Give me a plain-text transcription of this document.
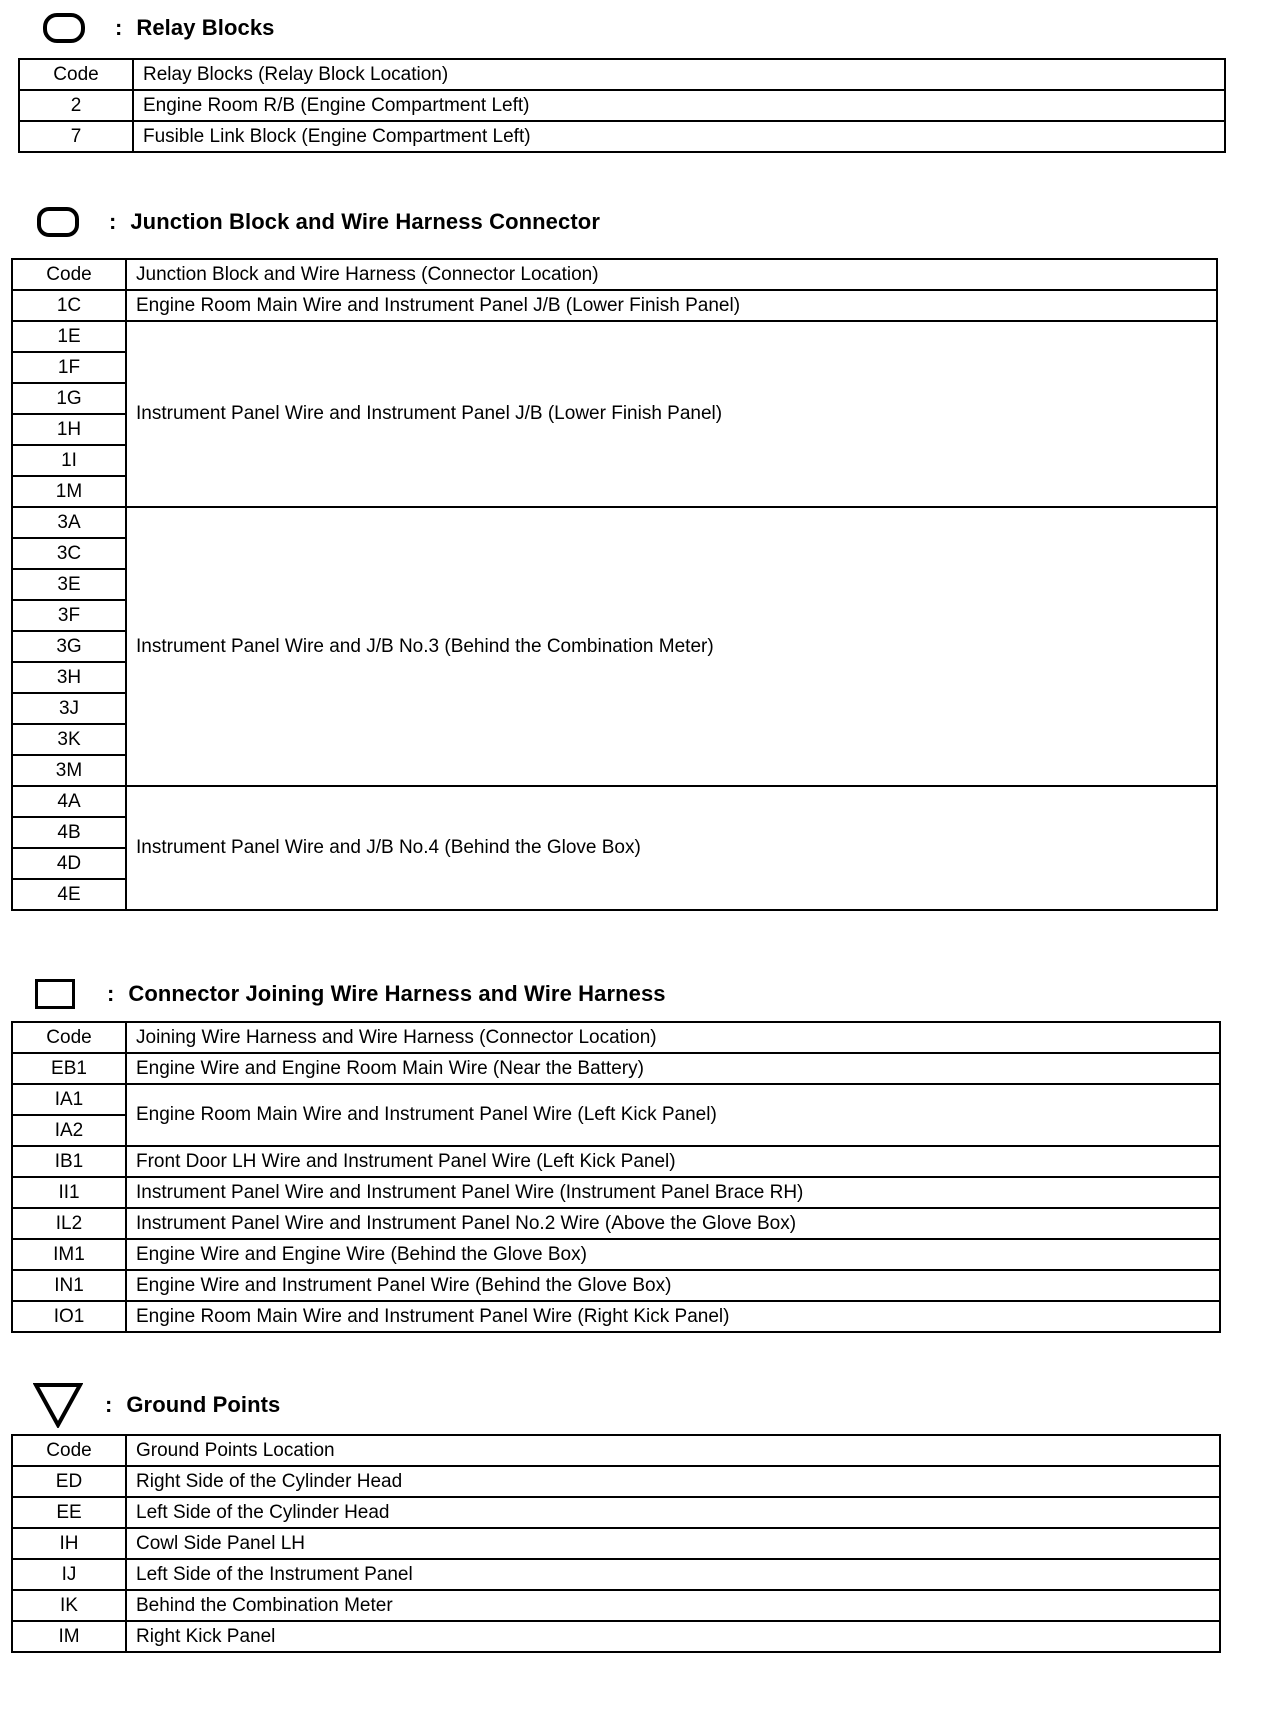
: Relay Blocks
Code	Relay Blocks (Relay Block Location)
2	Engine Room R/B (Engine Compartment Left)
7	Fusible Link Block (Engine Compartment Left)
: Junction Block and Wire Harness Connector
Code	Junction Block and Wire Harness (Connector Location)
1C	Engine Room Main Wire and Instrument Panel J/B (Lower Finish Panel)
1E	Instrument Panel Wire and Instrument Panel J/B (Lower Finish Panel)
1F	
1G	
1H	
1I	
1M	
3A	Instrument Panel Wire and J/B No.3 (Behind the Combination Meter)
3C	
3E	
3F	
3G	
3H	
3J	
3K	
3M	
4A	Instrument Panel Wire and J/B No.4 (Behind the Glove Box)
4B	
4D	
4E	
: Connector Joining Wire Harness and Wire Harness
Code	Joining Wire Harness and Wire Harness (Connector Location)
EB1	Engine Wire and Engine Room Main Wire (Near the Battery)
IA1	Engine Room Main Wire and Instrument Panel Wire (Left Kick Panel)
IA2	
IB1	Front Door LH Wire and Instrument Panel Wire (Left Kick Panel)
II1	Instrument Panel Wire and Instrument Panel Wire (Instrument Panel Brace RH)
IL2	Instrument Panel Wire and Instrument Panel No.2 Wire (Above the Glove Box)
IM1	Engine Wire and Engine Wire (Behind the Glove Box)
IN1	Engine Wire and Instrument Panel Wire (Behind the Glove Box)
IO1	Engine Room Main Wire and Instrument Panel Wire (Right Kick Panel)
: Ground Points
Code	Ground Points Location
ED	Right Side of the Cylinder Head
EE	Left Side of the Cylinder Head
IH	Cowl Side Panel LH
IJ	Left Side of the Instrument Panel
IK	Behind the Combination Meter
IM	Right Kick Panel
